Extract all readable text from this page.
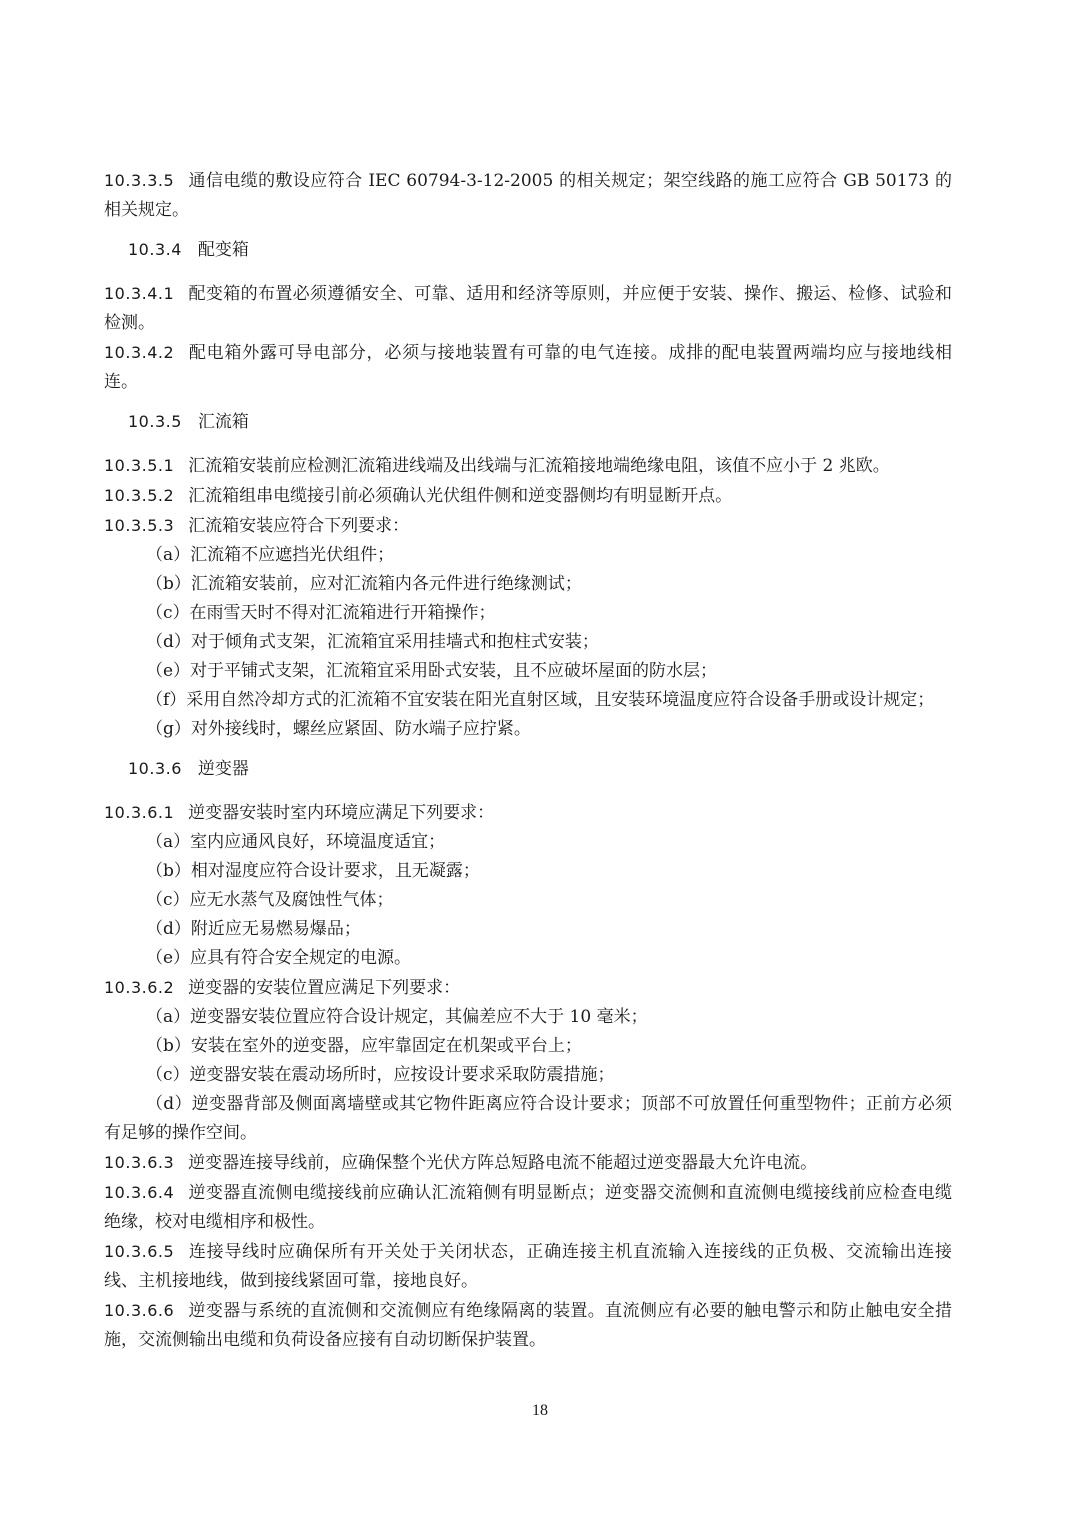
10.3.3.5 通信电缆的敷设应符合 IEC 60794-3-12-2005 的相关规定；架空线路的施工应符合 GB 50173 的相关规定。

10.3.4 配变箱

10.3.4.1 配变箱的布置必须遵循安全、可靠、适用和经济等原则，并应便于安装、操作、搬运、检修、试验和检测。

10.3.4.2 配电箱外露可导电部分，必须与接地装置有可靠的电气连接。成排的配电装置两端均应与接地线相连。

10.3.5 汇流箱

10.3.5.1 汇流箱安装前应检测汇流箱进线端及出线端与汇流箱接地端绝缘电阻，该值不应小于 2 兆欧。

10.3.5.2 汇流箱组串电缆接引前必须确认光伏组件侧和逆变器侧均有明显断开点。

10.3.5.3 汇流箱安装应符合下列要求：

（a）汇流箱不应遮挡光伏组件；

（b）汇流箱安装前，应对汇流箱内各元件进行绝缘测试；

（c）在雨雪天时不得对汇流箱进行开箱操作；

（d）对于倾角式支架，汇流箱宜采用挂墙式和抱柱式安装；

（e）对于平铺式支架，汇流箱宜采用卧式安装，且不应破坏屋面的防水层；

（f）采用自然冷却方式的汇流箱不宜安装在阳光直射区域，且安装环境温度应符合设备手册或设计规定；

（g）对外接线时，螺丝应紧固、防水端子应拧紧。

10.3.6 逆变器

10.3.6.1 逆变器安装时室内环境应满足下列要求：

（a）室内应通风良好，环境温度适宜；

（b）相对湿度应符合设计要求，且无凝露；

（c）应无水蒸气及腐蚀性气体；

（d）附近应无易燃易爆品；

（e）应具有符合安全规定的电源。

10.3.6.2 逆变器的安装位置应满足下列要求：

（a）逆变器安装位置应符合设计规定，其偏差应不大于 10 毫米；

（b）安装在室外的逆变器，应牢靠固定在机架或平台上；

（c）逆变器安装在震动场所时，应按设计要求采取防震措施；

（d）逆变器背部及侧面离墙壁或其它物件距离应符合设计要求；顶部不可放置任何重型物件；正前方必须有足够的操作空间。

10.3.6.3 逆变器连接导线前，应确保整个光伏方阵总短路电流不能超过逆变器最大允许电流。

10.3.6.4 逆变器直流侧电缆接线前应确认汇流箱侧有明显断点；逆变器交流侧和直流侧电缆接线前应检查电缆绝缘，校对电缆相序和极性。

10.3.6.5 连接导线时应确保所有开关处于关闭状态，正确连接主机直流输入连接线的正负极、交流输出连接线、主机接地线，做到接线紧固可靠，接地良好。

10.3.6.6 逆变器与系统的直流侧和交流侧应有绝缘隔离的装置。直流侧应有必要的触电警示和防止触电安全措施，交流侧输出电缆和负荷设备应接有自动切断保护装置。

18
